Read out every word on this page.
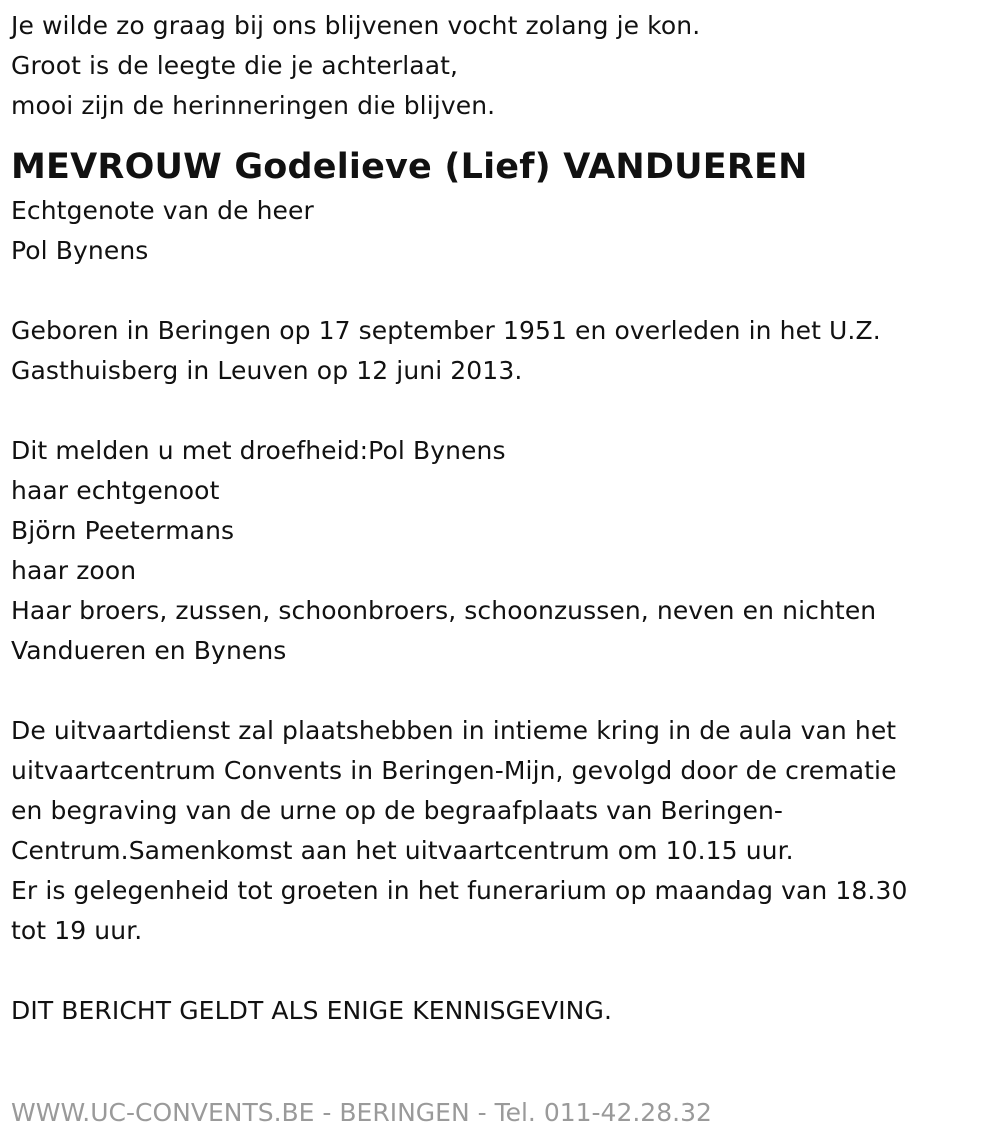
Je wilde zo graag bij ons blijvenen vocht zolang je kon.
Groot is de leegte die je achterlaat,
mooi zijn de herinneringen die blijven.
MEVROUW Godelieve (Lief) VANDUEREN
Echtgenote van de heer
Pol Bynens
Geboren in Beringen op 17 september 1951 en overleden in het U.Z.
Gasthuisberg in Leuven op 12 juni 2013.
Dit melden u met droefheid:Pol Bynens
haar echtgenoot
Björn Peetermans
haar zoon
Haar broers, zussen, schoonbroers, schoonzussen, neven en nichten
Vandueren en Bynens
De uitvaartdienst zal plaatshebben in intieme kring in de aula van het
uitvaartcentrum Convents in Beringen-Mijn, gevolgd door de crematie
en begraving van de urne op de begraafplaats van Beringen-
Centrum.Samenkomst aan het uitvaartcentrum om 10.15 uur.
Er is gelegenheid tot groeten in het funerarium op maandag van 18.30
tot 19 uur.
DIT BERICHT GELDT ALS ENIGE KENNISGEVING.
WWW.UC-CONVENTS.BE - BERINGEN - Tel. 011-42.28.32
